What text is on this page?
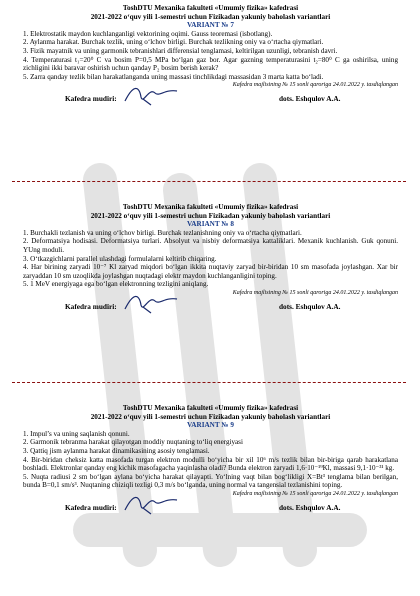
ToshDTU Mexanika fakulteti «Umumiy fizika» kafedrasi
2021-2022 o‘quv yili 1-semestri uchun Fizikadan yakuniy baholash variantlari
VARIANT № 7
1. Elektrostatik maydon kuchlanganligi vektorining oqimi. Gauss teoremasi (isbotlang).
2. Aylanma harakat. Burchak tezlik, uning o‘lchov birligi. Burchak tezlikning oniy va o‘rtacha qiymatlari.
3. Fizik mayatnik va uning garmonik tebranishlari differensial tenglamasi, keltirilgan uzunligi, tebranish davri.
4. Temperaturasi t₁=20⁰ C va bosim P=0,5 MPa bo‘lgan gaz bor. Agar gazning temperaturasini t₂=80⁰ C ga oshirilsa, uning zichligini ikki baravar oshirish uchun qanday P₂ bosim berish kerak?
5. Zarra qanday tezlik bilan harakatlanganda uning massasi tinchlikdagi massasidan 3 marta katta bo‘ladi.
Kafedra majlisining № 15 sonli qaroriga 24.01.2022 y. tasdiqlangan
Kafedra mudiri:	dots. Eshqulov A.A.
ToshDTU Mexanika fakulteti «Umumiy fizika» kafedrasi
2021-2022 o‘quv yili 1-semestri uchun Fizikadan yakuniy baholash variantlari
VARIANT № 8
1. Burchakli tezlanish va uning o‘lchov birligi. Burchak tezlanishning oniy va o‘rtacha qiymatlari.
2. Deformatsiya hodisasi. Deformatsiya turlari. Absolyut va nisbiy deformatsiya kattaliklari. Mexanik kuchlanish. Guk qonuni. YUng moduli.
3. O‘tkazgichlarni parallel ulashdagi formulalarni keltirib chiqaring.
4. Har birining zaryadi 10⁻⁷ Kl zaryad miqdori bo‘lgan ikkita nuqtaviy zaryad bir-biridan 10 sm masofada joylashgan. Xar bir zaryaddan 10 sm uzoqlikda joylashgan nuqtadagi elektr maydon kuchlanganligini toping.
5. 1 MeV energiyaga ega bo‘lgan elektronning tezligini aniqlang.
Kafedra majlisining № 15 sonli qaroriga 24.01.2022 y. tasdiqlangan
Kafedra mudiri:	dots. Eshqulov A.A.
ToshDTU Mexanika fakulteti «Umumiy fizika» kafedrasi
2021-2022 o‘quv yili 1-semestri uchun Fizikadan yakuniy baholash variantlari
VARIANT № 9
1. Impul’s va uning saqlanish qonuni.
2. Garmonik tebranma harakat qilayotgan moddiy nuqtaning to‘liq energiyasi
3. Qattiq jism aylanma harakat dinamikasining asosiy tenglamasi.
4. Bir-biridan cheksiz katta masofada turgan elektron modulli bo‘yicha bir xil 10⁶ m/s tezlik bilan bir-biriga qarab harakatlana boshladi. Elektronlar qanday eng kichik masofagacha yaqinlasha oladi? Bunda elektron zaryadi 1,6·10⁻¹⁹Kl, massasi 9,1·10⁻³¹ kg.
5. Nuqta radiusi 2 sm bo‘lgan aylana bo‘yicha harakat qilayapti. Yo‘lning vaqt bilan bog‘likligi X=Bt³ tenglama bilan berilgan, bunda B=0,1 sm/s³. Nuqtaning chiziqli tezligi 0,3 m/s bo‘lganda, uning normal va tangensial tezlanishini toping.
Kafedra majlisining № 15 sonli qaroriga 24.01.2022 y. tasdiqlangan
Kafedra mudiri:	dots. Eshqulov A.A.
